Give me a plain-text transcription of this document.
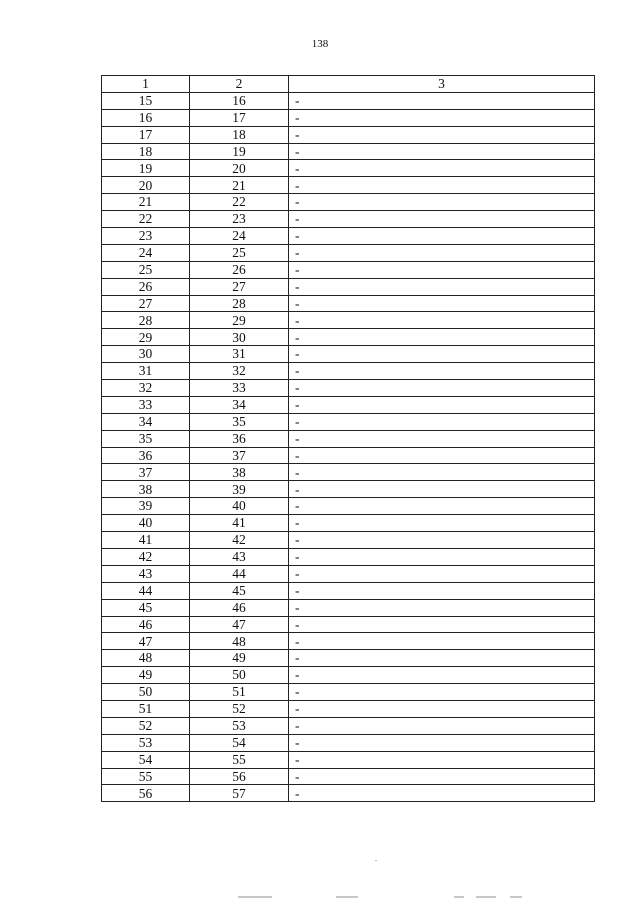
138
1	2	3
15	16	-
16	17	-
17	18	-
18	19	-
19	20	-
20	21	-
21	22	-
22	23	-
23	24	-
24	25	-
25	26	-
26	27	-
27	28	-
28	29	-
29	30	-
30	31	-
31	32	-
32	33	-
33	34	-
34	35	-
35	36	-
36	37	-
37	38	-
38	39	-
39	40	-
40	41	-
41	42	-
42	43	-
43	44	-
44	45	-
45	46	-
46	47	-
47	48	-
48	49	-
49	50	-
50	51	-
51	52	-
52	53	-
53	54	-
54	55	-
55	56	-
56	57	-
